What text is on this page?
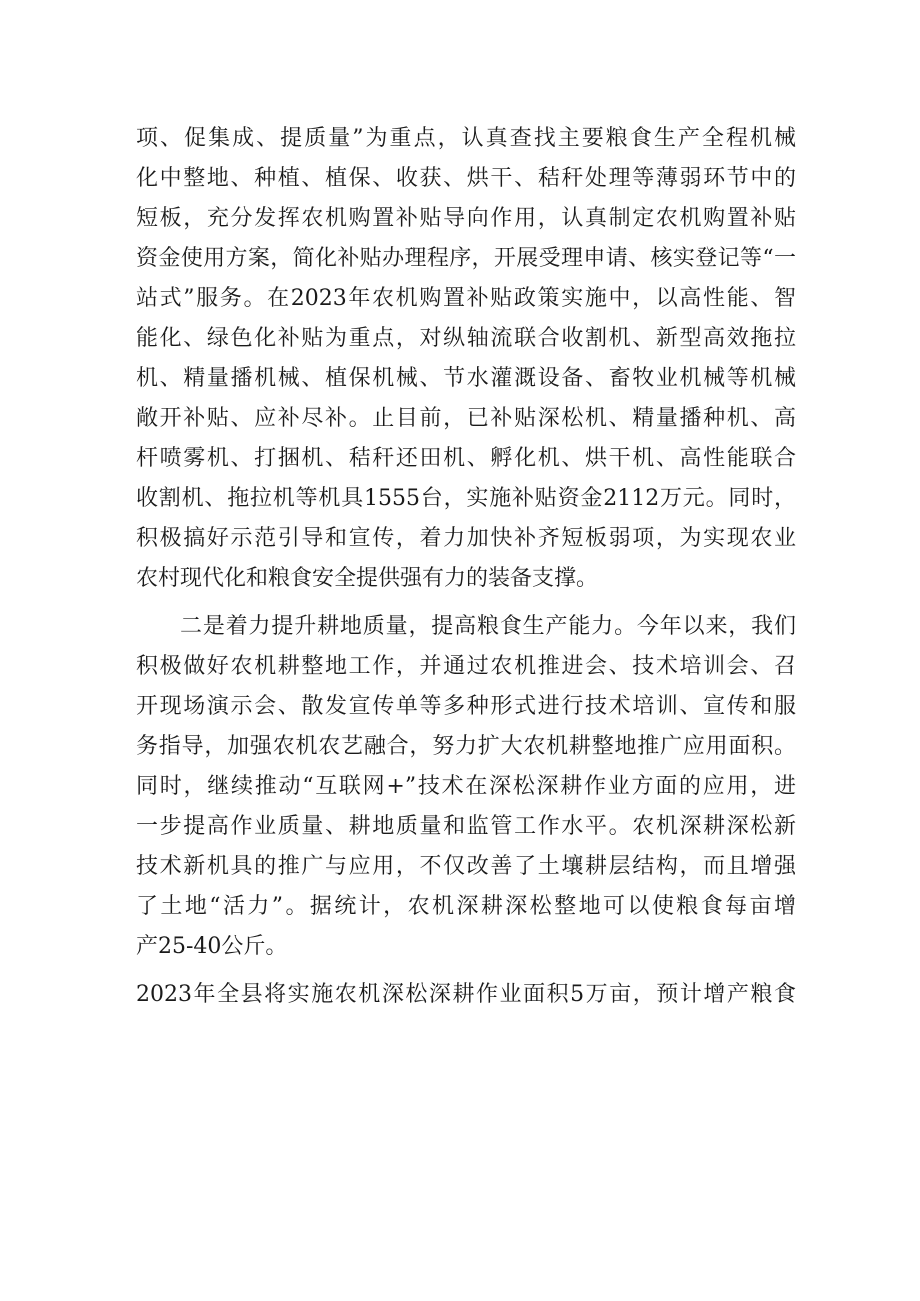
项、促集成、提质量”为重点，认真查找主要粮食生产全程机械
化中整地、种植、植保、收获、烘干、秸秆处理等薄弱环节中的
短板，充分发挥农机购置补贴导向作用，认真制定农机购置补贴
资金使用方案，简化补贴办理程序，开展受理申请、核实登记等“一
站式”服务。在2023年农机购置补贴政策实施中，以高性能、智
能化、绿色化补贴为重点，对纵轴流联合收割机、新型高效拖拉
机、精量播机械、植保机械、节水灌溉设备、畜牧业机械等机械
敞开补贴、应补尽补。止目前，已补贴深松机、精量播种机、高
杆喷雾机、打捆机、秸秆还田机、孵化机、烘干机、高性能联合
收割机、拖拉机等机具1555台，实施补贴资金2112万元。同时，
积极搞好示范引导和宣传，着力加快补齐短板弱项，为实现农业
农村现代化和粮食安全提供强有力的装备支撑。
二是着力提升耕地质量，提高粮食生产能力。今年以来，我们
积极做好农机耕整地工作，并通过农机推进会、技术培训会、召
开现场演示会、散发宣传单等多种形式进行技术培训、宣传和服
务指导，加强农机农艺融合，努力扩大农机耕整地推广应用面积。
同时，继续推动“互联网+”技术在深松深耕作业方面的应用，进
一步提高作业质量、耕地质量和监管工作水平。农机深耕深松新
技术新机具的推广与应用，不仅改善了土壤耕层结构，而且增强
了土地“活力”。据统计，农机深耕深松整地可以使粮食每亩增
产25-40公斤。
2023年全县将实施农机深松深耕作业面积5万亩，预计增产粮食
